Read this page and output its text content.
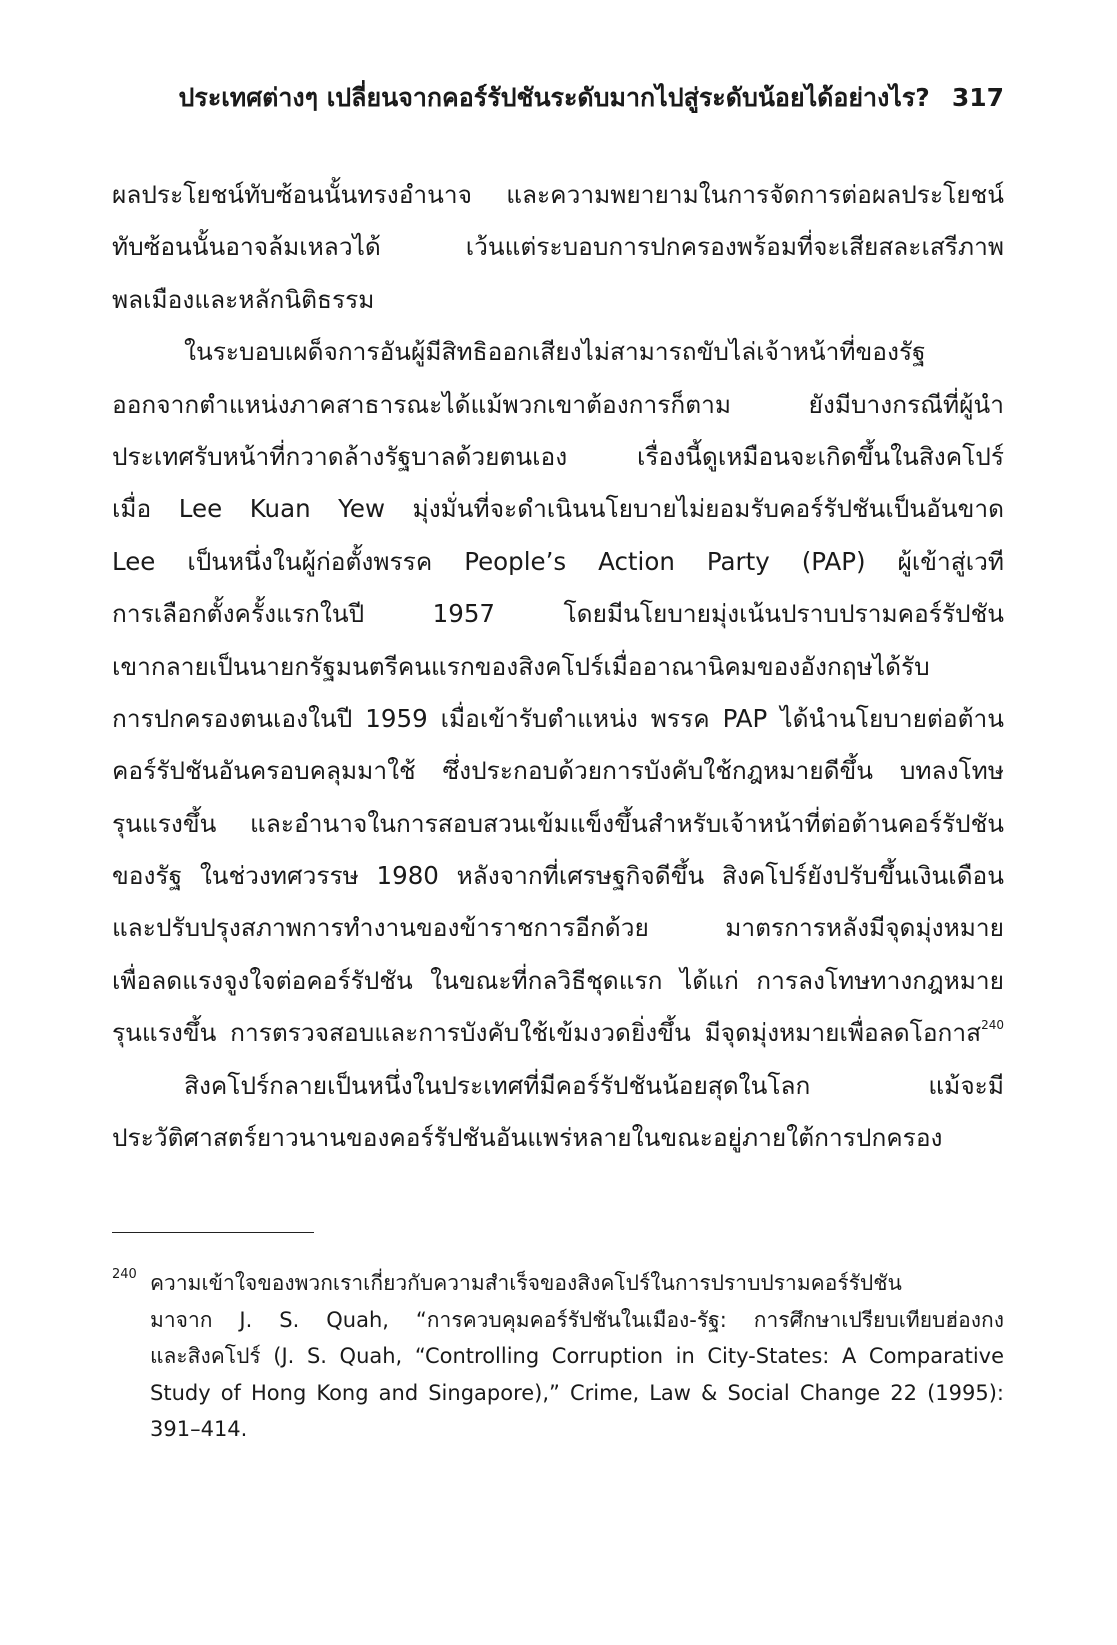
ประเทศต่างๆ เปลี่ยนจากคอร์รัปชันระดับมากไปสู่ระดับน้อยได้อย่างไร? 317
ผลประโยชน์ทับซ้อนนั้นทรงอำนาจ และความพยายามในการจัดการต่อผลประโยชน์
ทับซ้อนนั้นอาจล้มเหลวได้ เว้นแต่ระบอบการปกครองพร้อมที่จะเสียสละเสรีภาพ
พลเมืองและหลักนิติธรรม
ในระบอบเผด็จการอันผู้มีสิทธิออกเสียงไม่สามารถขับไล่เจ้าหน้าที่ของรัฐ
ออกจากตำแหน่งภาคสาธารณะได้แม้พวกเขาต้องการก็ตาม ยังมีบางกรณีที่ผู้นำ
ประเทศรับหน้าที่กวาดล้างรัฐบาลด้วยตนเอง เรื่องนี้ดูเหมือนจะเกิดขึ้นในสิงคโปร์
เมื่อ Lee Kuan Yew มุ่งมั่นที่จะดำเนินนโยบายไม่ยอมรับคอร์รัปชันเป็นอันขาด
Lee เป็นหนึ่งในผู้ก่อตั้งพรรค People’s Action Party (PAP) ผู้เข้าสู่เวที
การเลือกตั้งครั้งแรกในปี 1957 โดยมีนโยบายมุ่งเน้นปราบปรามคอร์รัปชัน
เขากลายเป็นนายกรัฐมนตรีคนแรกของสิงคโปร์เมื่ออาณานิคมของอังกฤษได้รับ
การปกครองตนเองในปี 1959 เมื่อเข้ารับตำแหน่ง พรรค PAP ได้นำนโยบายต่อต้าน
คอร์รัปชันอันครอบคลุมมาใช้ ซึ่งประกอบด้วยการบังคับใช้กฎหมายดีขึ้น บทลงโทษ
รุนแรงขึ้น และอำนาจในการสอบสวนเข้มแข็งขึ้นสำหรับเจ้าหน้าที่ต่อต้านคอร์รัปชัน
ของรัฐ ในช่วงทศวรรษ 1980 หลังจากที่เศรษฐกิจดีขึ้น สิงคโปร์ยังปรับขึ้นเงินเดือน
และปรับปรุงสภาพการทำงานของข้าราชการอีกด้วย มาตรการหลังมีจุดมุ่งหมาย
เพื่อลดแรงจูงใจต่อคอร์รัปชัน ในขณะที่กลวิธีชุดแรก ได้แก่ การลงโทษทางกฎหมาย
รุนแรงขึ้น การตรวจสอบและการบังคับใช้เข้มงวดยิ่งขึ้น มีจุดมุ่งหมายเพื่อลดโอกาส$^{240}$
สิงคโปร์กลายเป็นหนึ่งในประเทศที่มีคอร์รัปชันน้อยสุดในโลก แม้จะมี
ประวัติศาสตร์ยาวนานของคอร์รัปชันอันแพร่หลายในขณะอยู่ภายใต้การปกครอง
240 ความเข้าใจของพวกเราเกี่ยวกับความสำเร็จของสิงคโปร์ในการปราบปรามคอร์รัปชัน
มาจาก J. S. Quah, “การควบคุมคอร์รัปชันในเมือง-รัฐ: การศึกษาเปรียบเทียบฮ่องกง
และสิงคโปร์ (J. S. Quah, “Controlling Corruption in City-States: A Comparative
Study of Hong Kong and Singapore),” Crime, Law & Social Change 22 (1995):
391–414.
